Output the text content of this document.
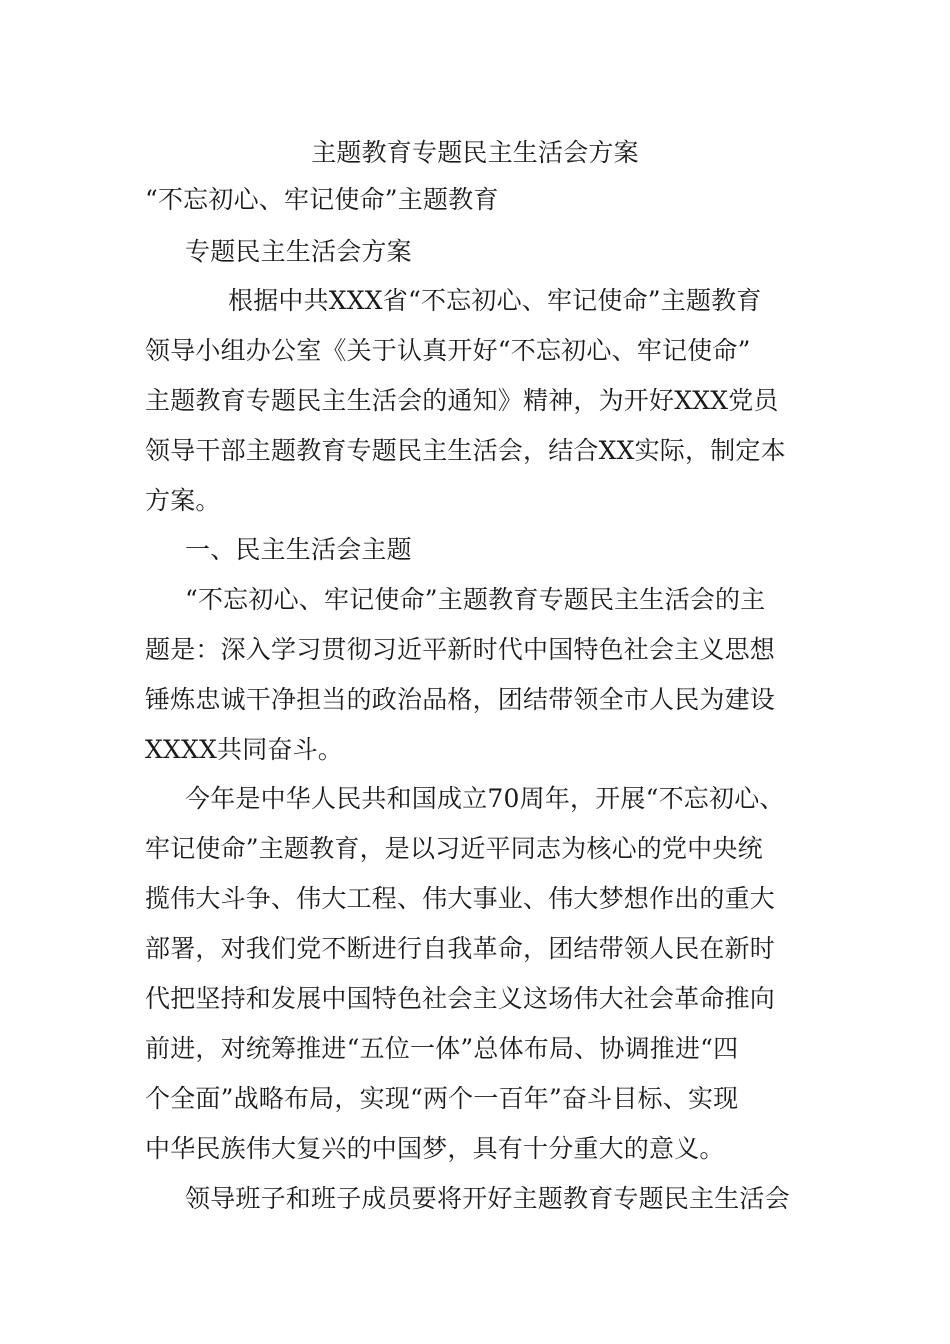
主题教育专题民主生活会方案
“不忘初心、牢记使命”主题教育
专题民主生活会方案
根据中共XXX省“不忘初心、牢记使命”主题教育
领导小组办公室《关于认真开好“不忘初心、牢记使命”
主题教育专题民主生活会的通知》精神，为开好XXX党员
领导干部主题教育专题民主生活会，结合XX实际，制定本
方案。
一、民主生活会主题
“不忘初心、牢记使命”主题教育专题民主生活会的主
题是：深入学习贯彻习近平新时代中国特色社会主义思想
锤炼忠诚干净担当的政治品格，团结带领全市人民为建设
XXXX共同奋斗。
今年是中华人民共和国成立70周年，开展“不忘初心、
牢记使命”主题教育，是以习近平同志为核心的党中央统
揽伟大斗争、伟大工程、伟大事业、伟大梦想作出的重大
部署，对我们党不断进行自我革命，团结带领人民在新时
代把坚持和发展中国特色社会主义这场伟大社会革命推向
前进，对统筹推进“五位一体”总体布局、协调推进“四
个全面”战略布局，实现“两个一百年”奋斗目标、实现
中华民族伟大复兴的中国梦，具有十分重大的意义。
领导班子和班子成员要将开好主题教育专题民主生活会
